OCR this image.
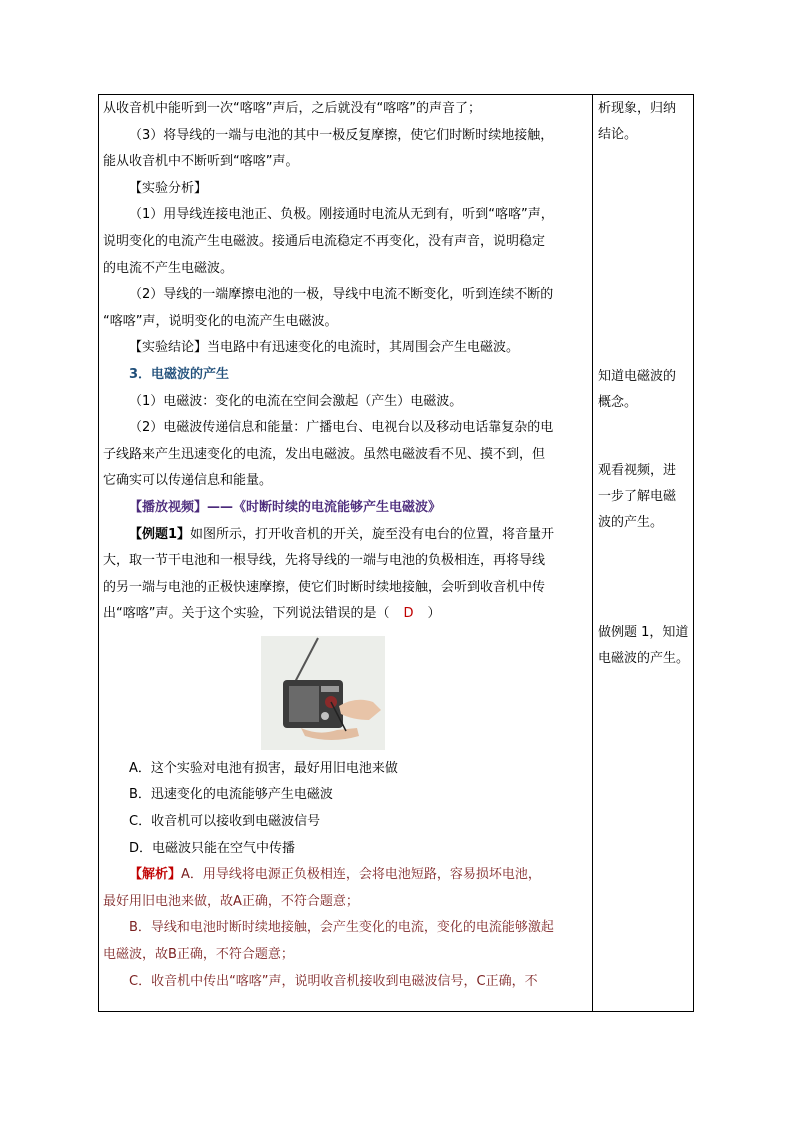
从收音机中能听到一次“喀喀”声后，之后就没有“喀喀”的声音了；
（3）将导线的一端与电池的其中一极反复摩擦，使它们时断时续地接触，
能从收音机中不断听到“喀喀”声。
【实验分析】
（1）用导线连接电池正、负极。刚接通时电流从无到有，听到“喀喀”声，
说明变化的电流产生电磁波。接通后电流稳定不再变化，没有声音，说明稳定
的电流不产生电磁波。
（2）导线的一端摩擦电池的一极，导线中电流不断变化，听到连续不断的
“喀喀”声，说明变化的电流产生电磁波。
【实验结论】当电路中有迅速变化的电流时，其周围会产生电磁波。
3．电磁波的产生
（1）电磁波：变化的电流在空间会激起（产生）电磁波。
（2）电磁波传递信息和能量：广播电台、电视台以及移动电话靠复杂的电
子线路来产生迅速变化的电流，发出电磁波。虽然电磁波看不见、摸不到，但
它确实可以传递信息和能量。
【播放视频】——《时断时续的电流能够产生电磁波》
【例题1】如图所示，打开收音机的开关，旋至没有电台的位置，将音量开
大，取一节干电池和一根导线，先将导线的一端与电池的负极相连，再将导线
的另一端与电池的正极快速摩擦，使它们时断时续地接触，会听到收音机中传
出“喀喀”声。关于这个实验，下列说法错误的是（ D ）
A．这个实验对电池有损害，最好用旧电池来做
B．迅速变化的电流能够产生电磁波
C．收音机可以接收到电磁波信号
D．电磁波只能在空气中传播
【解析】A．用导线将电源正负极相连，会将电池短路，容易损坏电池，
最好用旧电池来做，故A正确，不符合题意；
B．导线和电池时断时续地接触，会产生变化的电流，变化的电流能够激起
电磁波，故B正确，不符合题意；
C．收音机中传出“喀喀”声，说明收音机接收到电磁波信号，C正确，不
析现象，归纳
结论。
知道电磁波的
概念。
观看视频，进
一步了解电磁
波的产生。
做例题 1，知道
电磁波的产生。
